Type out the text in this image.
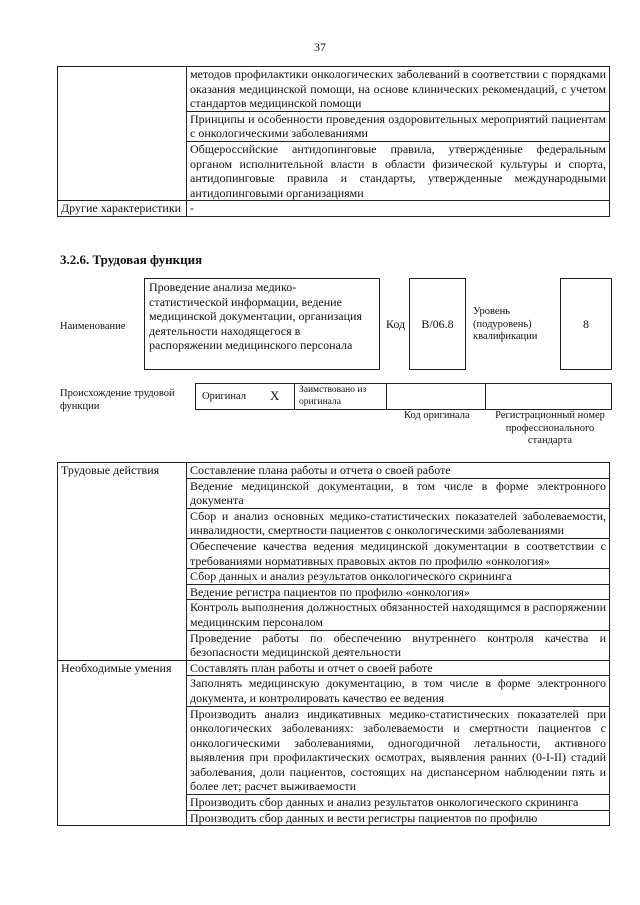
37
	методов профилактики онкологических заболеваний в соответствии с порядками оказания медицинской помощи, на основе клинических рекомендаций, с учетом стандартов медицинской помощи
	Принципы и особенности проведения оздоровительных мероприятий пациентам с онкологическими заболеваниями
	Общероссийские антидопинговые правила, утвержденные федеральным органом исполнительной власти в области физической культуры и спорта, антидопинговые правила и стандарты, утвержденные международными антидопинговыми организациями
Другие характеристики	-
3.2.6. Трудовая функция
Наименование
Проведение анализа медико-статистической информации, ведение медицинской документации, организация деятельности находящегося в распоряжении медицинского персонала
Код B/06.8
Уровень (подуровень) квалификации
8
Происхождение трудовой функции
Оригинал X	Заимствовано из оригинала
Код оригинала	Регистрационный номер профессионального стандарта
Трудовые действия	Составление плана работы и отчета о своей работе
	Ведение медицинской документации, в том числе в форме электронного документа
	Сбор и анализ основных медико-статистических показателей заболеваемости, инвалидности, смертности пациентов с онкологическими заболеваниями
	Обеспечение качества ведения медицинской документации в соответствии с требованиями нормативных правовых актов по профилю «онкология»
	Сбор данных и анализ результатов онкологического скрининга
	Ведение регистра пациентов по профилю «онкология»
	Контроль выполнения должностных обязанностей находящимся в распоряжении медицинским персоналом
	Проведение работы по обеспечению внутреннего контроля качества и безопасности медицинской деятельности
Необходимые умения	Составлять план работы и отчет о своей работе
	Заполнять медицинскую документацию, в том числе в форме электронного документа, и контролировать качество ее ведения
	Производить анализ индикативных медико-статистических показателей при онкологических заболеваниях: заболеваемости и смертности пациентов с онкологическими заболеваниями, одногодичной летальности, активного выявления при профилактических осмотрах, выявления ранних (0-I-II) стадий заболевания, доли пациентов, состоящих на диспансерном наблюдении пять и более лет; расчет выживаемости
	Производить сбор данных и анализ результатов онкологического скрининга
	Производить сбор данных и вести регистры пациентов по профилю
